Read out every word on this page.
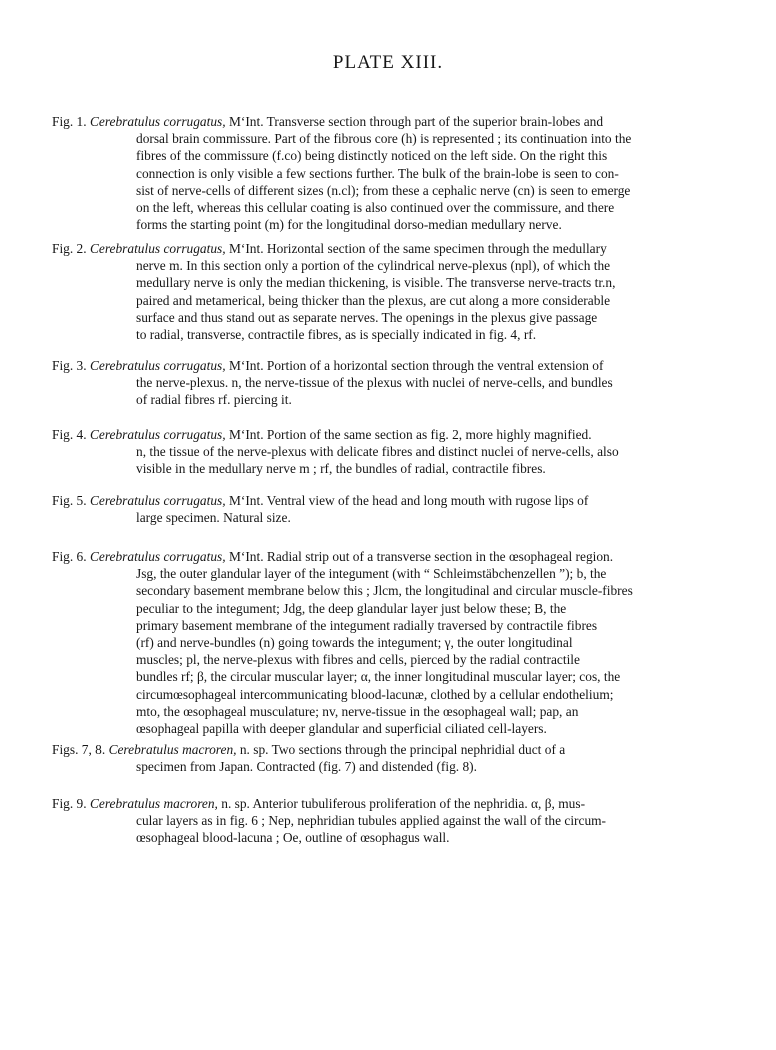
PLATE XIII.
Fig. 1. Cerebratulus corrugatus, M‘Int. Transverse section through part of the superior brain-lobes and
dorsal brain commissure. Part of the fibrous core (h) is represented ; its continuation into the
fibres of the commissure (f.co) being distinctly noticed on the left side. On the right this
connection is only visible a few sections further. The bulk of the brain-lobe is seen to con-
sist of nerve-cells of different sizes (n.cl); from these a cephalic nerve (cn) is seen to emerge
on the left, whereas this cellular coating is also continued over the commissure, and there
forms the starting point (m) for the longitudinal dorso-median medullary nerve.
Fig. 2. Cerebratulus corrugatus, M‘Int. Horizontal section of the same specimen through the medullary
nerve m. In this section only a portion of the cylindrical nerve-plexus (npl), of which the
medullary nerve is only the median thickening, is visible. The transverse nerve-tracts tr.n,
paired and metamerical, being thicker than the plexus, are cut along a more considerable
surface and thus stand out as separate nerves. The openings in the plexus give passage
to radial, transverse, contractile fibres, as is specially indicated in fig. 4, rf.
Fig. 3. Cerebratulus corrugatus, M‘Int. Portion of a horizontal section through the ventral extension of
the nerve-plexus. n, the nerve-tissue of the plexus with nuclei of nerve-cells, and bundles
of radial fibres rf. piercing it.
Fig. 4. Cerebratulus corrugatus, M‘Int. Portion of the same section as fig. 2, more highly magnified.
n, the tissue of the nerve-plexus with delicate fibres and distinct nuclei of nerve-cells, also
visible in the medullary nerve m ; rf, the bundles of radial, contractile fibres.
Fig. 5. Cerebratulus corrugatus, M‘Int. Ventral view of the head and long mouth with rugose lips of
large specimen. Natural size.
Fig. 6. Cerebratulus corrugatus, M‘Int. Radial strip out of a transverse section in the œsophageal region.
Jsg, the outer glandular layer of the integument (with “ Schleimstäbchenzellen ”); b, the
secondary basement membrane below this ; Jlcm, the longitudinal and circular muscle-fibres
peculiar to the integument; Jdg, the deep glandular layer just below these; B, the
primary basement membrane of the integument radially traversed by contractile fibres
(rf) and nerve-bundles (n) going towards the integument; γ, the outer longitudinal
muscles; pl, the nerve-plexus with fibres and cells, pierced by the radial contractile
bundles rf; β, the circular muscular layer; α, the inner longitudinal muscular layer; cos, the
circumœsophageal intercommunicating blood-lacunæ, clothed by a cellular endothelium;
mto, the œsophageal musculature; nv, nerve-tissue in the œsophageal wall; pap, an
œsophageal papilla with deeper glandular and superficial ciliated cell-layers.
Figs. 7, 8. Cerebratulus macroren, n. sp. Two sections through the principal nephridial duct of a
specimen from Japan. Contracted (fig. 7) and distended (fig. 8).
Fig. 9. Cerebratulus macroren, n. sp. Anterior tubuliferous proliferation of the nephridia. α, β, mus-
cular layers as in fig. 6 ; Nep, nephridian tubules applied against the wall of the circum-
œsophageal blood-lacuna ; Oe, outline of œsophagus wall.
